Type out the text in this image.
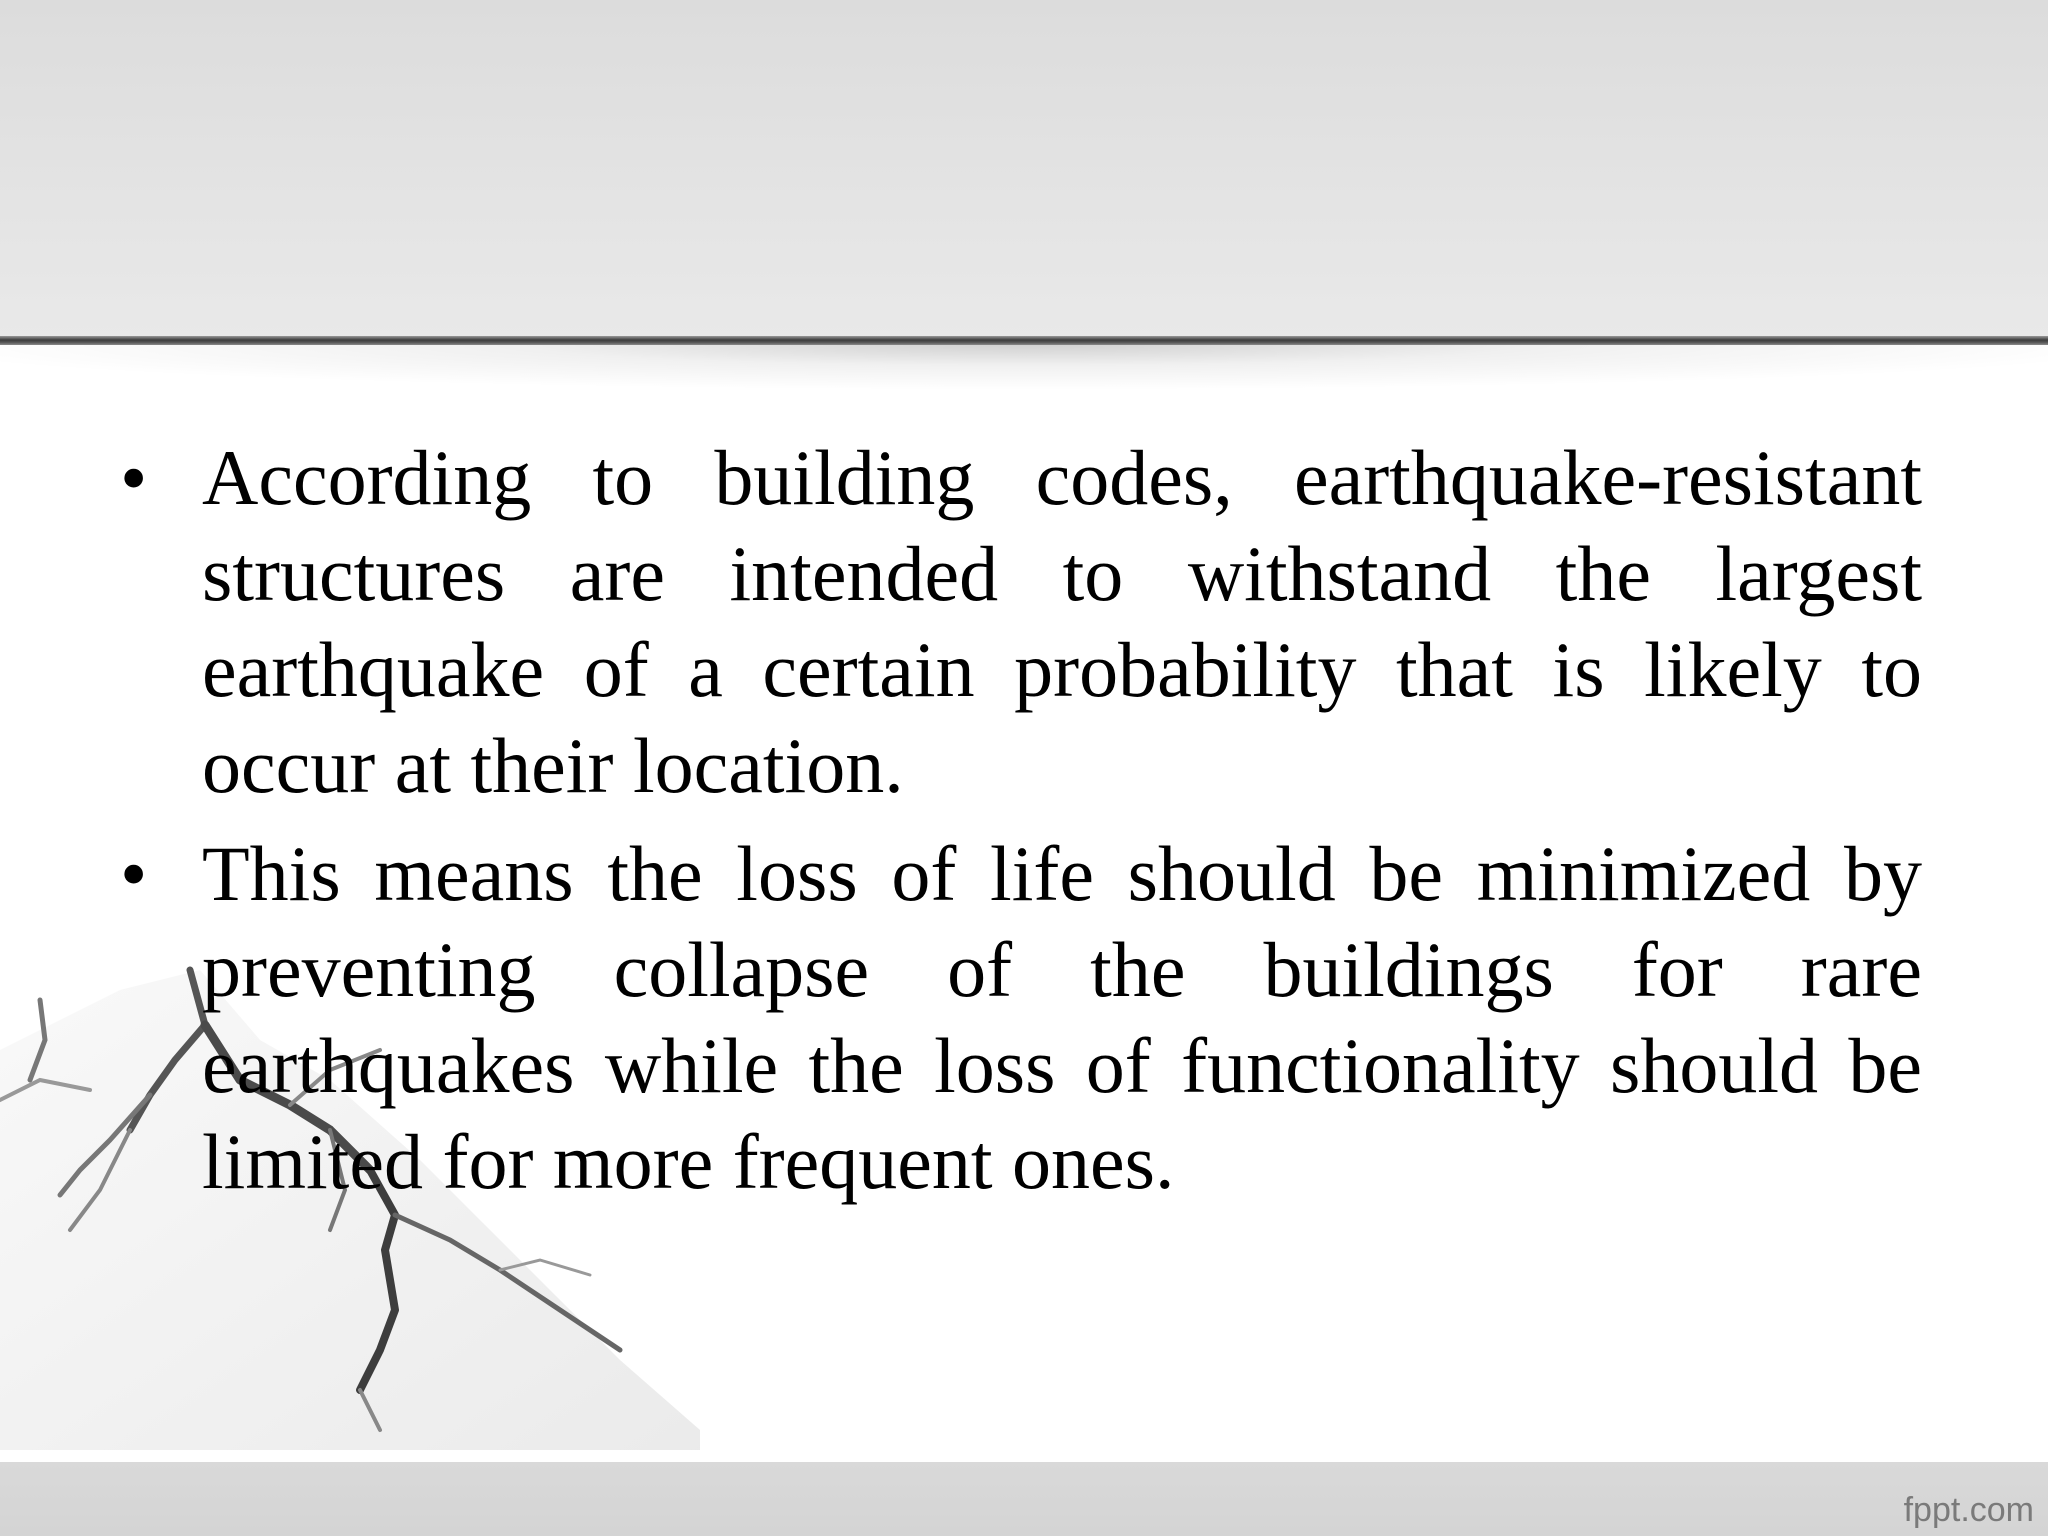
• According to building codes, earthquake-resistant structures are intended to withstand the largest earthquake of a certain probability that is likely to occur at their location.
• This means the loss of life should be minimized by preventing collapse of the buildings for rare earthquakes while the loss of functionality should be limited for more frequent ones.
fppt.com
